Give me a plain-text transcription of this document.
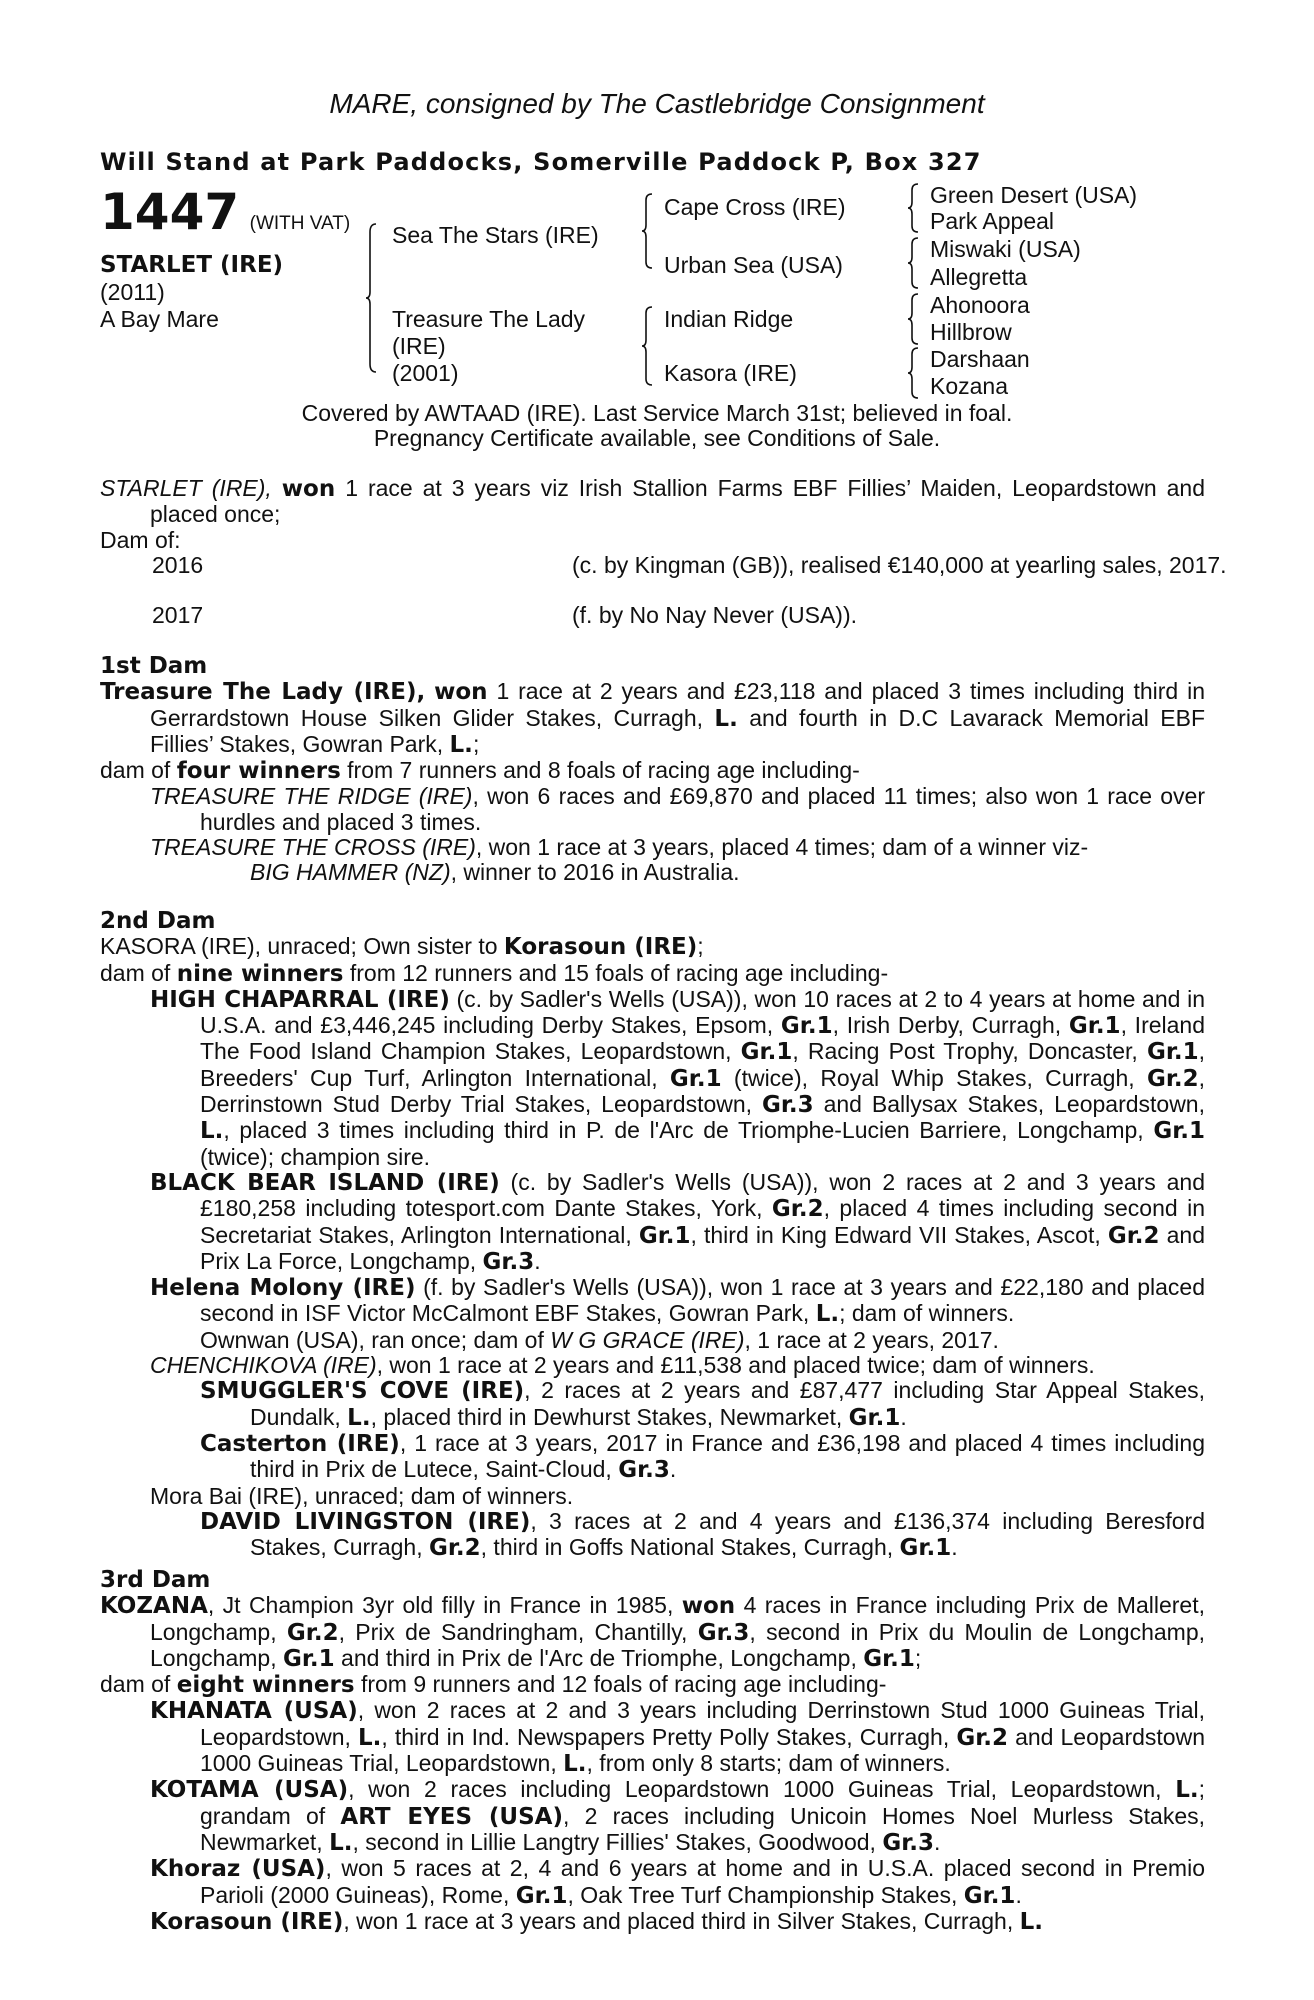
MARE, consigned by The Castlebridge Consignment
Will Stand at Park Paddocks, Somerville Paddock P, Box 327
1447 (WITH VAT)
STARLET (IRE)
(2011)
A Bay Mare
Sea The Stars (IRE)
Treasure The Lady
(IRE)
(2001)
Cape Cross (IRE)
Urban Sea (USA)
Indian Ridge
Kasora (IRE)
Green Desert (USA)
Park Appeal
Miswaki (USA)
Allegretta
Ahonoora
Hillbrow
Darshaan
Kozana
Covered by AWTAAD (IRE). Last Service March 31st; believed in foal.
Pregnancy Certificate available, see Conditions of Sale.
STARLET (IRE), won 1 race at 3 years viz Irish Stallion Farms EBF Fillies’ Maiden, Leopardstown and placed once;
Dam of:
2016	(c. by Kingman (GB)), realised €140,000 at yearling sales, 2017.
2017	(f. by No Nay Never (USA)).
1st Dam
Treasure The Lady (IRE), won 1 race at 2 years and £23,118 and placed 3 times including third in Gerrardstown House Silken Glider Stakes, Curragh, L. and fourth in D.C Lavarack Memorial EBF Fillies’ Stakes, Gowran Park, L.;
dam of four winners from 7 runners and 8 foals of racing age including-
TREASURE THE RIDGE (IRE), won 6 races and £69,870 and placed 11 times; also won 1 race over hurdles and placed 3 times.
TREASURE THE CROSS (IRE), won 1 race at 3 years, placed 4 times; dam of a winner viz-
BIG HAMMER (NZ), winner to 2016 in Australia.
2nd Dam
KASORA (IRE), unraced; Own sister to Korasoun (IRE);
dam of nine winners from 12 runners and 15 foals of racing age including-
HIGH CHAPARRAL (IRE) (c. by Sadler's Wells (USA)), won 10 races at 2 to 4 years at home and in U.S.A. and £3,446,245 including Derby Stakes, Epsom, Gr.1, Irish Derby, Curragh, Gr.1, Ireland The Food Island Champion Stakes, Leopardstown, Gr.1, Racing Post Trophy, Doncaster, Gr.1, Breeders' Cup Turf, Arlington International, Gr.1 (twice), Royal Whip Stakes, Curragh, Gr.2, Derrinstown Stud Derby Trial Stakes, Leopardstown, Gr.3 and Ballysax Stakes, Leopardstown, L., placed 3 times including third in P. de l'Arc de Triomphe-Lucien Barriere, Longchamp, Gr.1 (twice); champion sire.
BLACK BEAR ISLAND (IRE) (c. by Sadler's Wells (USA)), won 2 races at 2 and 3 years and £180,258 including totesport.com Dante Stakes, York, Gr.2, placed 4 times including second in Secretariat Stakes, Arlington International, Gr.1, third in King Edward VII Stakes, Ascot, Gr.2 and Prix La Force, Longchamp, Gr.3.
Helena Molony (IRE) (f. by Sadler's Wells (USA)), won 1 race at 3 years and £22,180 and placed second in ISF Victor McCalmont EBF Stakes, Gowran Park, L.; dam of winners.
Ownwan (USA), ran once; dam of W G GRACE (IRE), 1 race at 2 years, 2017.
CHENCHIKOVA (IRE), won 1 race at 2 years and £11,538 and placed twice; dam of winners.
SMUGGLER'S COVE (IRE), 2 races at 2 years and £87,477 including Star Appeal Stakes, Dundalk, L., placed third in Dewhurst Stakes, Newmarket, Gr.1.
Casterton (IRE), 1 race at 3 years, 2017 in France and £36,198 and placed 4 times including third in Prix de Lutece, Saint-Cloud, Gr.3.
Mora Bai (IRE), unraced; dam of winners.
DAVID LIVINGSTON (IRE), 3 races at 2 and 4 years and £136,374 including Beresford Stakes, Curragh, Gr.2, third in Goffs National Stakes, Curragh, Gr.1.
3rd Dam
KOZANA, Jt Champion 3yr old filly in France in 1985, won 4 races in France including Prix de Malleret, Longchamp, Gr.2, Prix de Sandringham, Chantilly, Gr.3, second in Prix du Moulin de Longchamp, Longchamp, Gr.1 and third in Prix de l'Arc de Triomphe, Longchamp, Gr.1;
dam of eight winners from 9 runners and 12 foals of racing age including-
KHANATA (USA), won 2 races at 2 and 3 years including Derrinstown Stud 1000 Guineas Trial, Leopardstown, L., third in Ind. Newspapers Pretty Polly Stakes, Curragh, Gr.2 and Leopardstown 1000 Guineas Trial, Leopardstown, L., from only 8 starts; dam of winners.
KOTAMA (USA), won 2 races including Leopardstown 1000 Guineas Trial, Leopardstown, L.; grandam of ART EYES (USA), 2 races including Unicoin Homes Noel Murless Stakes, Newmarket, L., second in Lillie Langtry Fillies' Stakes, Goodwood, Gr.3.
Khoraz (USA), won 5 races at 2, 4 and 6 years at home and in U.S.A. placed second in Premio Parioli (2000 Guineas), Rome, Gr.1, Oak Tree Turf Championship Stakes, Gr.1.
Korasoun (IRE), won 1 race at 3 years and placed third in Silver Stakes, Curragh, L.
